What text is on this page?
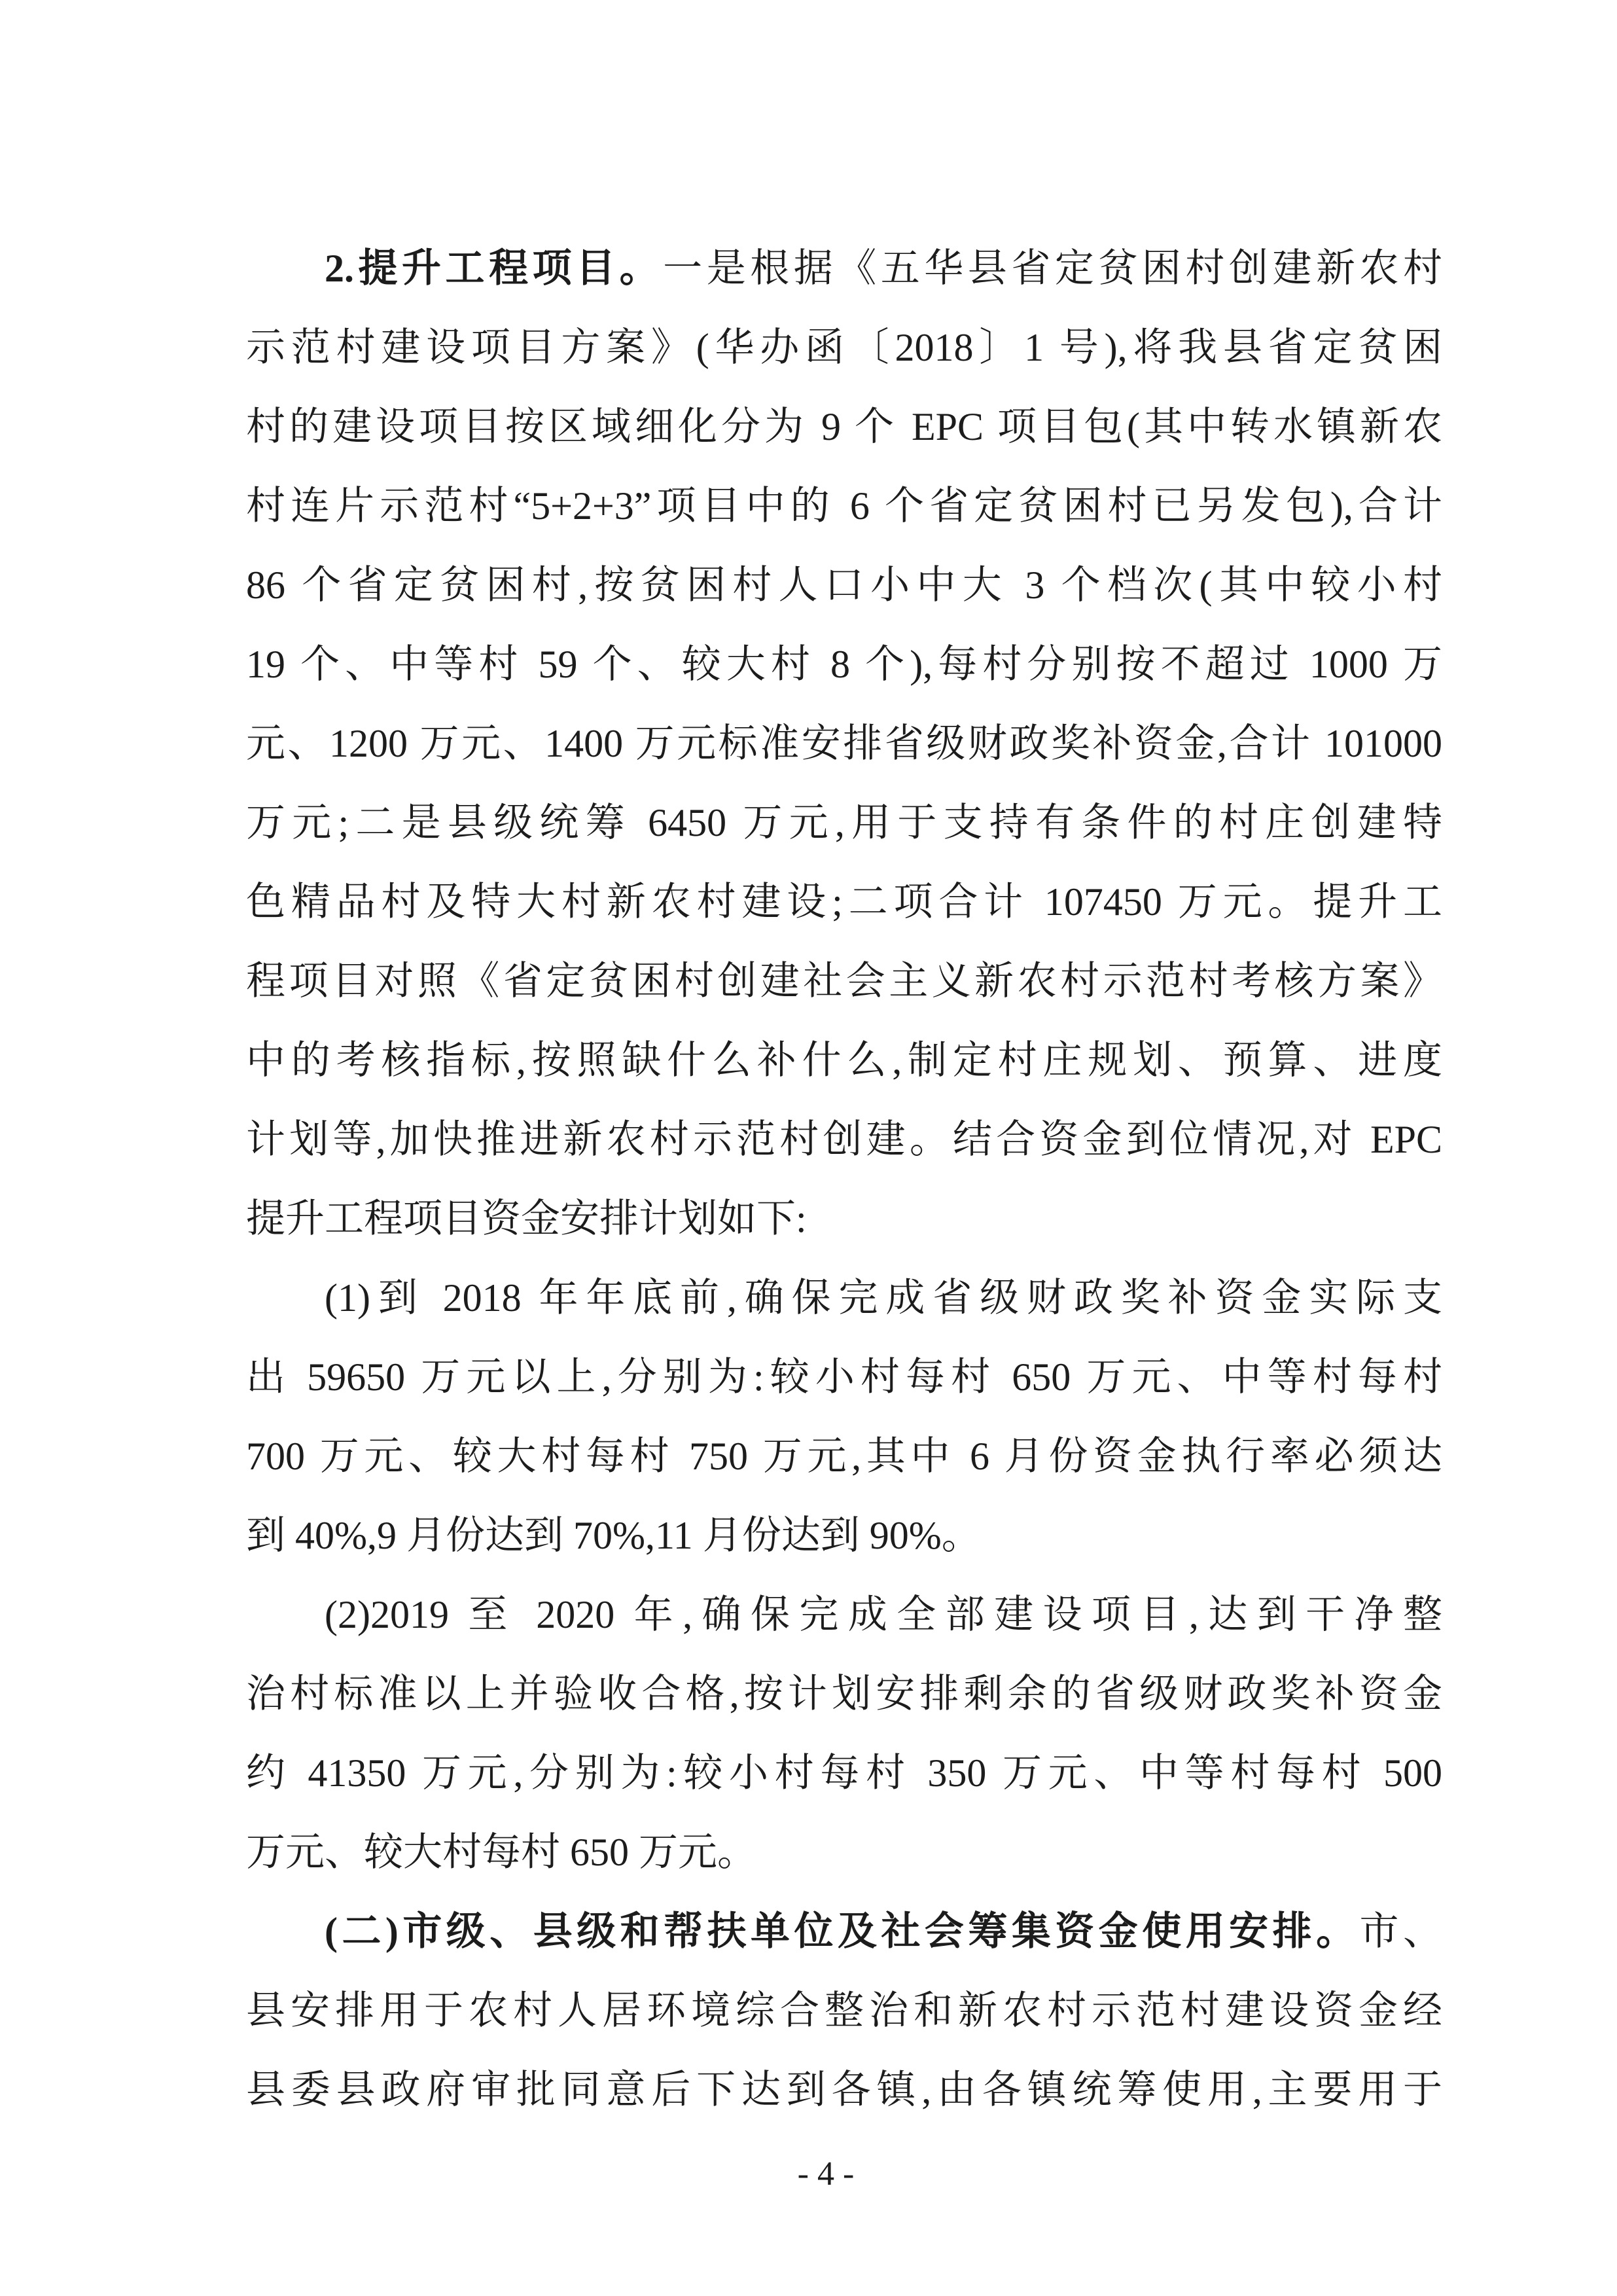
2.提升工程项目。一是根据《五华县省定贫困村创建新农村
示范村建设项目方案》(华办函〔2018〕1 号),将我县省定贫困
村的建设项目按区域细化分为 9 个 EPC 项目包(其中转水镇新农
村连片示范村“5+2+3”项目中的 6 个省定贫困村已另发包),合计
86 个省定贫困村,按贫困村人口小中大 3 个档次(其中较小村
19 个、中等村 59 个、较大村 8 个),每村分别按不超过 1000 万
元、1200 万元、1400 万元标准安排省级财政奖补资金,合计 101000
万元;二是县级统筹 6450 万元,用于支持有条件的村庄创建特
色精品村及特大村新农村建设;二项合计 107450 万元。提升工
程项目对照《省定贫困村创建社会主义新农村示范村考核方案》
中的考核指标,按照缺什么补什么,制定村庄规划、预算、进度
计划等,加快推进新农村示范村创建。结合资金到位情况,对 EPC
提升工程项目资金安排计划如下:
(1)到 2018 年年底前,确保完成省级财政奖补资金实际支
出 59650 万元以上,分别为:较小村每村 650 万元、中等村每村
700 万元、较大村每村 750 万元,其中 6 月份资金执行率必须达
到 40%,9 月份达到 70%,11 月份达到 90%。
(2)2019 至 2020 年,确保完成全部建设项目,达到干净整
治村标准以上并验收合格,按计划安排剩余的省级财政奖补资金
约 41350 万元,分别为:较小村每村 350 万元、中等村每村 500
万元、较大村每村 650 万元。
(二)市级、县级和帮扶单位及社会筹集资金使用安排。市、
县安排用于农村人居环境综合整治和新农村示范村建设资金经
县委县政府审批同意后下达到各镇,由各镇统筹使用,主要用于
- 4 -
